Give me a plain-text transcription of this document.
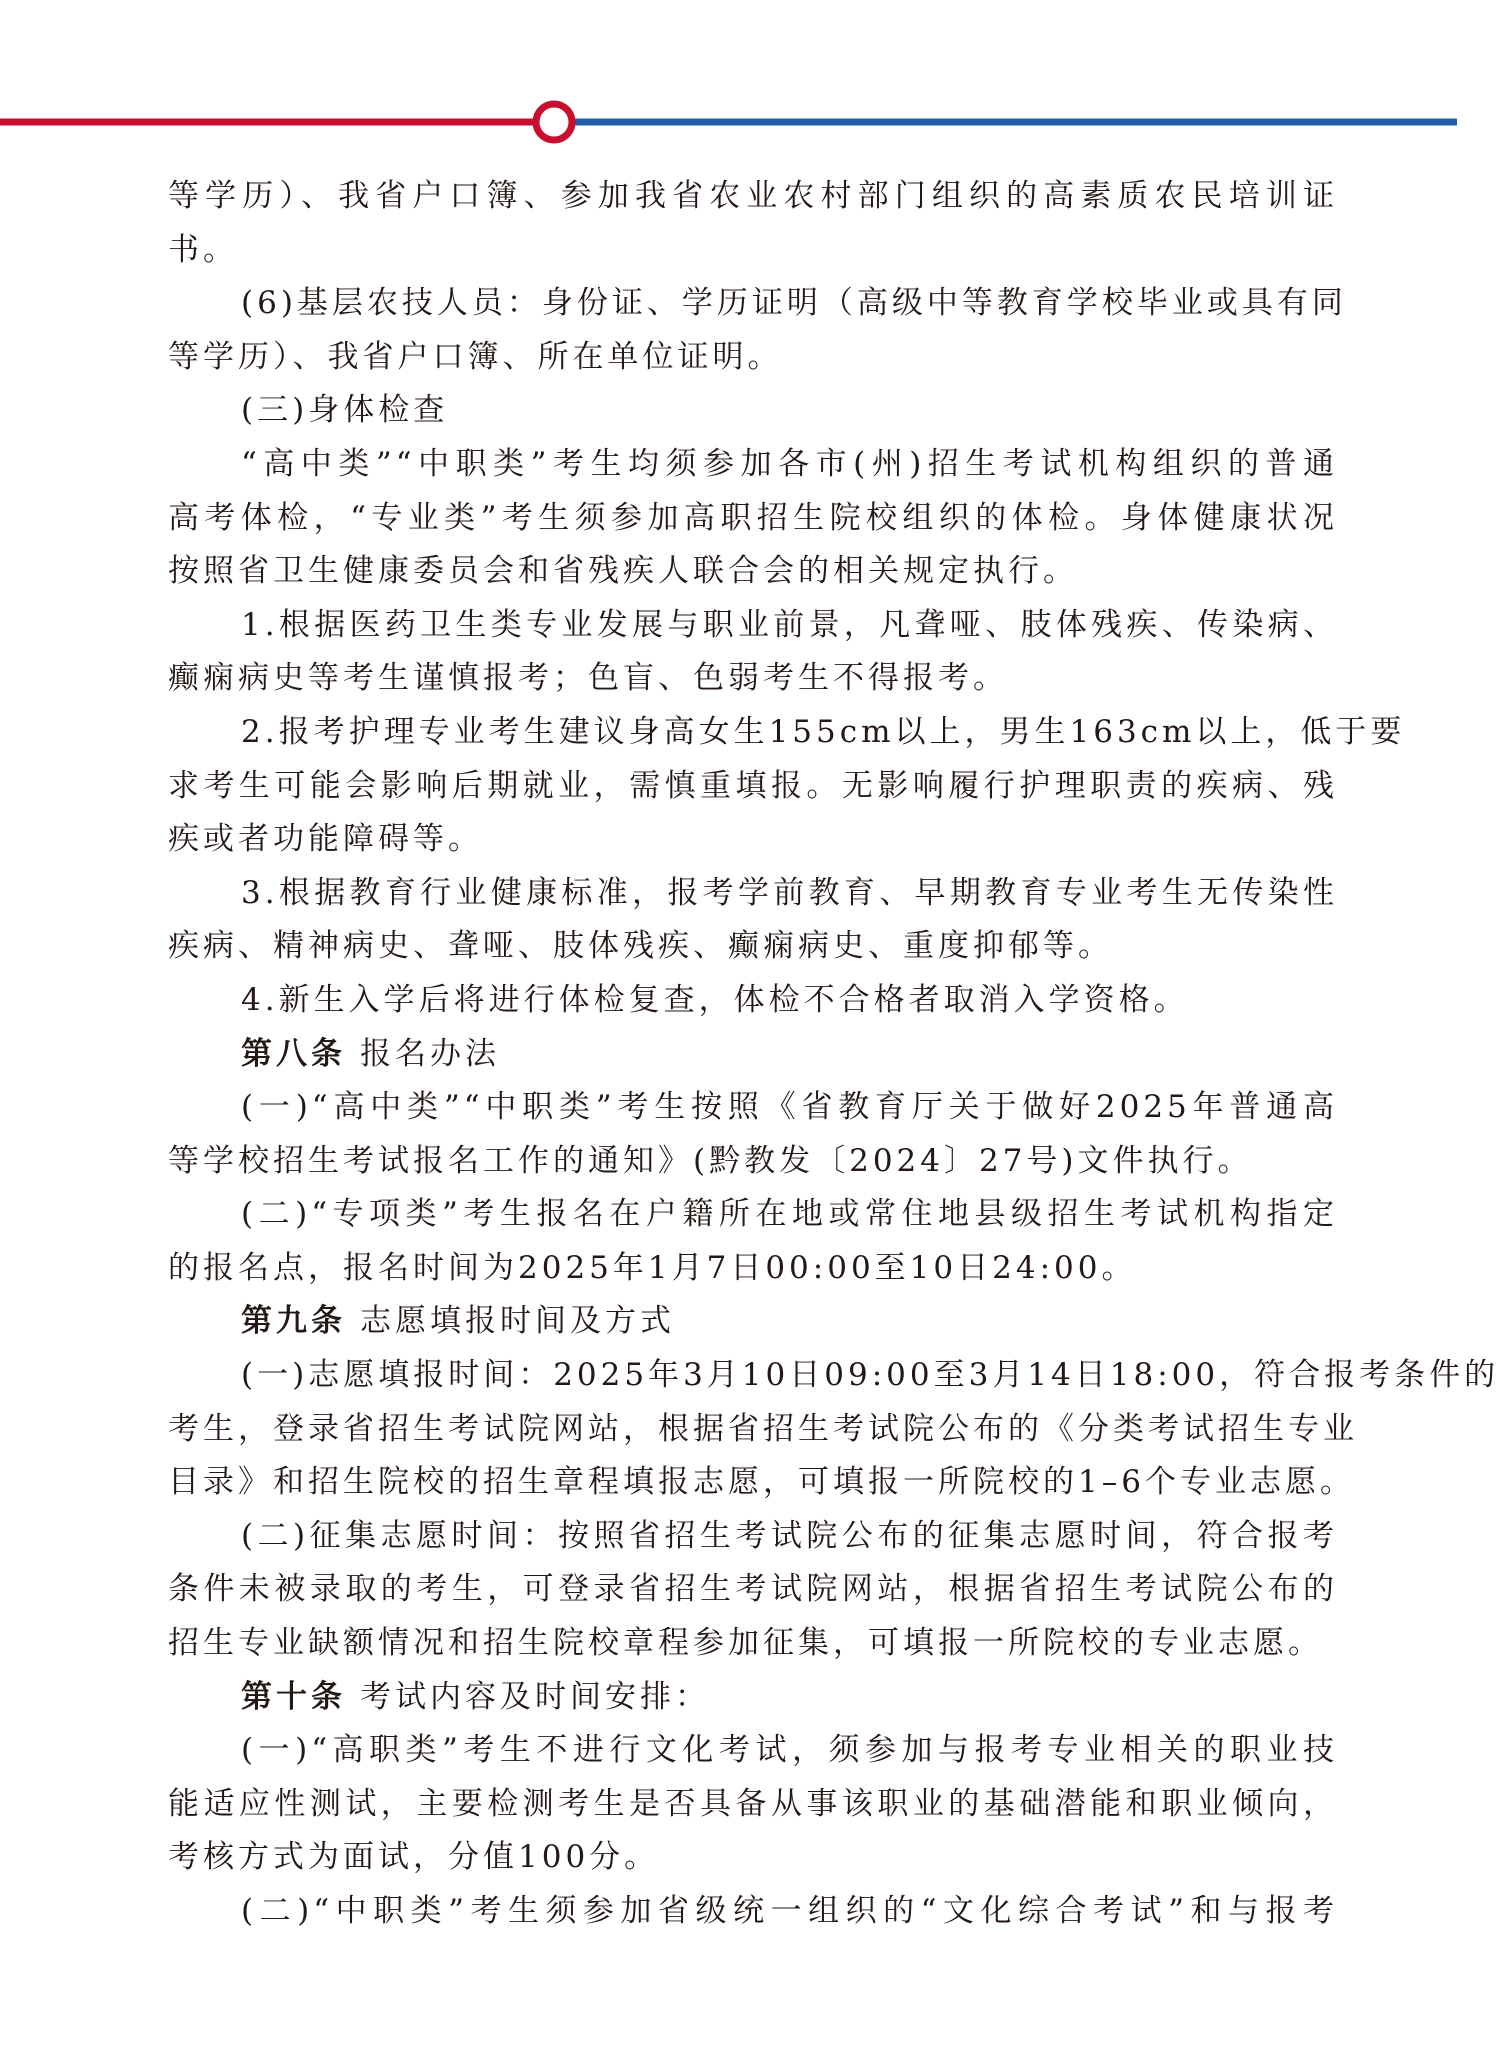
等学历）、我省户口簿、参加我省农业农村部门组织的高素质农民培训证
书。
(6)基层农技人员：身份证、学历证明（高级中等教育学校毕业或具有同
等学历）、我省户口簿、所在单位证明。
(三)身体检查
“高中类”“中职类”考生均须参加各市(州)招生考试机构组织的普通
高考体检，“专业类”考生须参加高职招生院校组织的体检。身体健康状况
按照省卫生健康委员会和省残疾人联合会的相关规定执行。
1.根据医药卫生类专业发展与职业前景，凡聋哑、肢体残疾、传染病、
癫痫病史等考生谨慎报考；色盲、色弱考生不得报考。
2.报考护理专业考生建议身高女生155cm以上，男生163cm以上，低于要
求考生可能会影响后期就业，需慎重填报。无影响履行护理职责的疾病、残
疾或者功能障碍等。
3.根据教育行业健康标准，报考学前教育、早期教育专业考生无传染性
疾病、精神病史、聋哑、肢体残疾、癫痫病史、重度抑郁等。
4.新生入学后将进行体检复查，体检不合格者取消入学资格。
第八条 报名办法
(一)“高中类”“中职类”考生按照《省教育厅关于做好2025年普通高
等学校招生考试报名工作的通知》(黔教发〔2024〕27号)文件执行。
(二)“专项类”考生报名在户籍所在地或常住地县级招生考试机构指定
的报名点，报名时间为2025年1月7日00:00至10日24:00。
第九条 志愿填报时间及方式
(一)志愿填报时间：2025年3月10日09:00至3月14日18:00，符合报考条件的
考生，登录省招生考试院网站，根据省招生考试院公布的《分类考试招生专业
目录》和招生院校的招生章程填报志愿，可填报一所院校的1–6个专业志愿。
(二)征集志愿时间：按照省招生考试院公布的征集志愿时间，符合报考
条件未被录取的考生，可登录省招生考试院网站，根据省招生考试院公布的
招生专业缺额情况和招生院校章程参加征集，可填报一所院校的专业志愿。
第十条 考试内容及时间安排：
(一)“高职类”考生不进行文化考试，须参加与报考专业相关的职业技
能适应性测试，主要检测考生是否具备从事该职业的基础潜能和职业倾向，
考核方式为面试，分值100分。
(二)“中职类”考生须参加省级统一组织的“文化综合考试”和与报考
